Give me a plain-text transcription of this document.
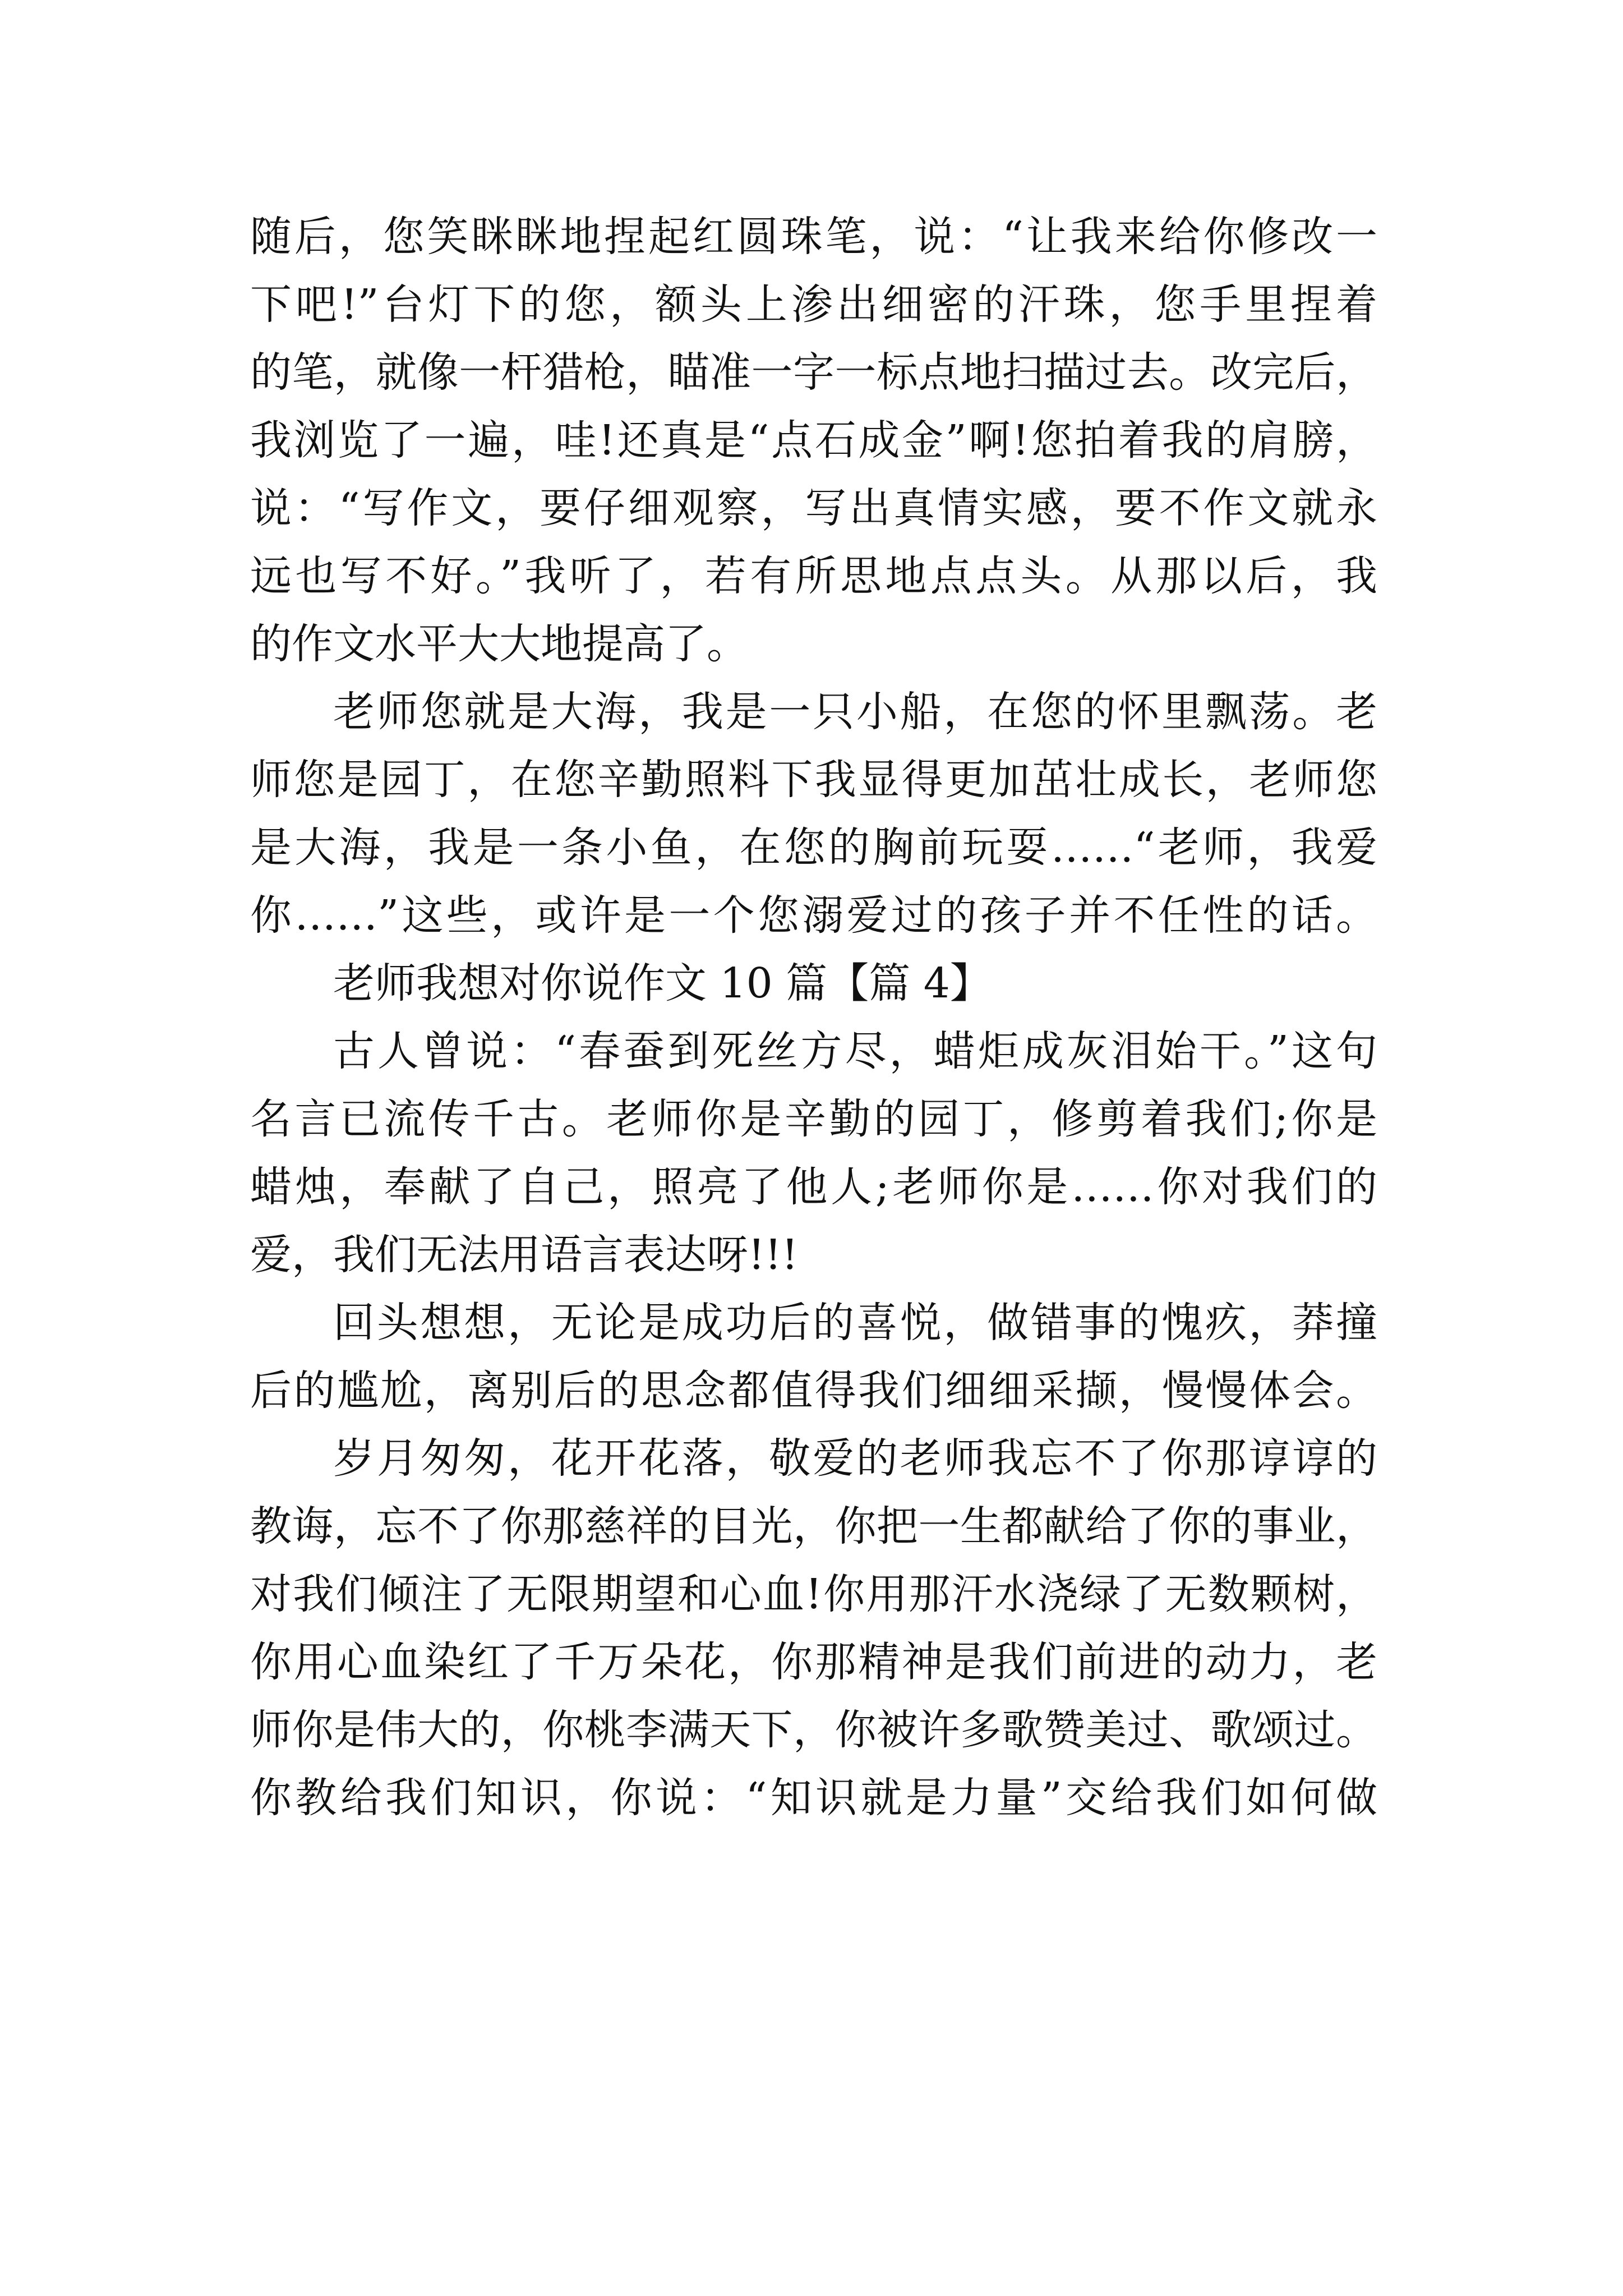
随后，您笑眯眯地捏起红圆珠笔，说：“让我来给你修改一
下吧!”台灯下的您，额头上渗出细密的汗珠，您手里捏着
的笔，就像一杆猎枪，瞄准一字一标点地扫描过去。改完后，
我浏览了一遍，哇!还真是“点石成金”啊!您拍着我的肩膀，
说：“写作文，要仔细观察，写出真情实感，要不作文就永
远也写不好。”我听了，若有所思地点点头。从那以后，我
的作文水平大大地提高了。
老师您就是大海，我是一只小船，在您的怀里飘荡。老
师您是园丁，在您辛勤照料下我显得更加茁壮成长，老师您
是大海，我是一条小鱼，在您的胸前玩耍……“老师，我爱
你……”这些，或许是一个您溺爱过的孩子并不任性的话。
老师我想对你说作文 10 篇【篇 4】
古人曾说：“春蚕到死丝方尽，蜡炬成灰泪始干。”这句
名言已流传千古。老师你是辛勤的园丁，修剪着我们;你是
蜡烛，奉献了自己，照亮了他人;老师你是……你对我们的
爱，我们无法用语言表达呀!!!
回头想想，无论是成功后的喜悦，做错事的愧疚，莽撞
后的尴尬，离别后的思念都值得我们细细采撷，慢慢体会。
岁月匆匆，花开花落，敬爱的老师我忘不了你那谆谆的
教诲，忘不了你那慈祥的目光，你把一生都献给了你的事业，
对我们倾注了无限期望和心血!你用那汗水浇绿了无数颗树，
你用心血染红了千万朵花，你那精神是我们前进的动力，老
师你是伟大的，你桃李满天下，你被许多歌赞美过、歌颂过。
你教给我们知识，你说：“知识就是力量”交给我们如何做
